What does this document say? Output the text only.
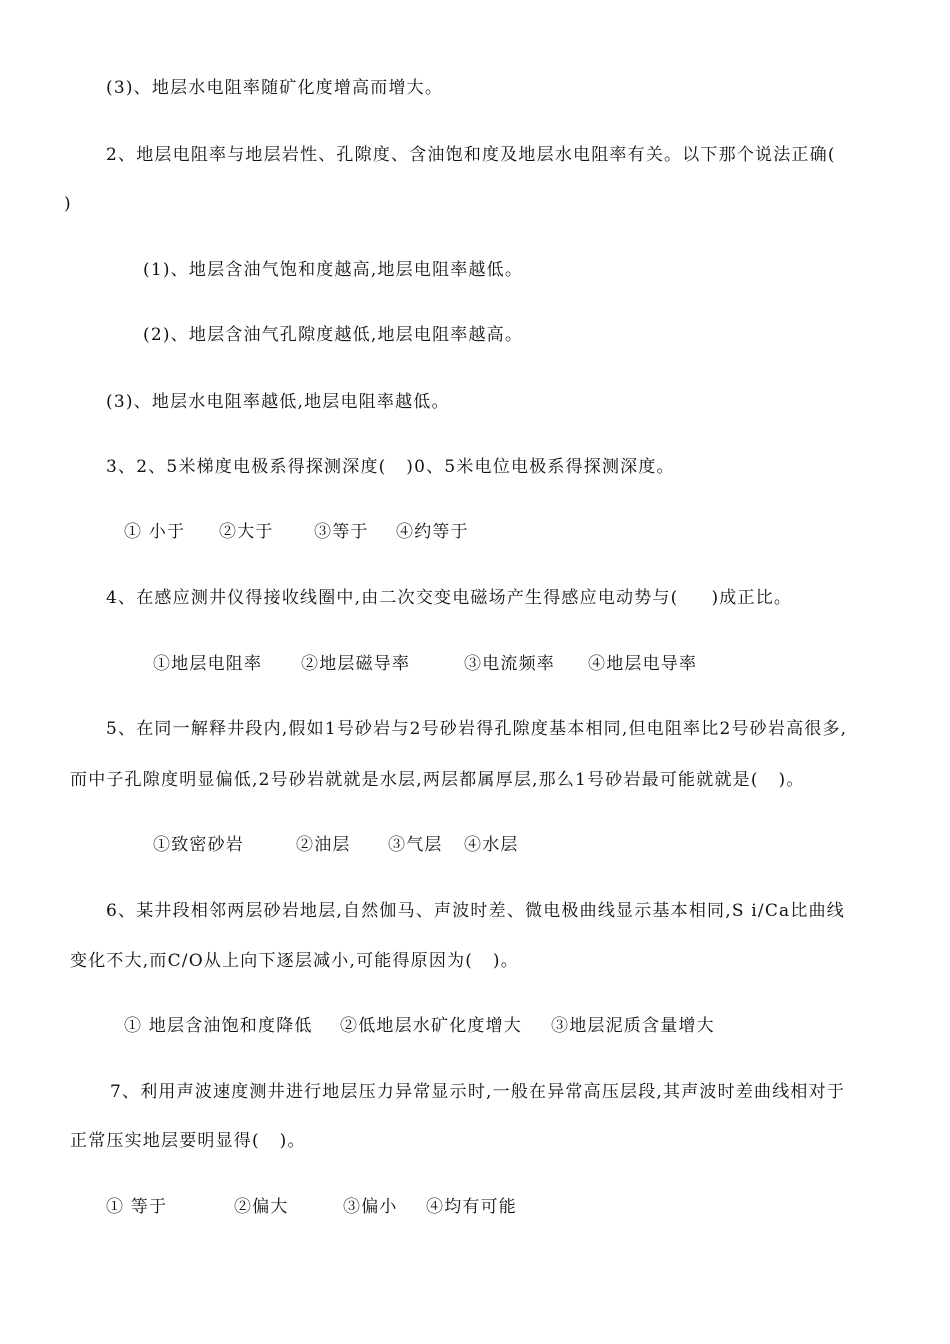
(3)、地层水电阻率随矿化度增高而增大。
2、地层电阻率与地层岩性、孔隙度、含油饱和度及地层水电阻率有关。以下那个说法正确(
)
(1)、地层含油气饱和度越高,地层电阻率越低。
(2)、地层含油气孔隙度越低,地层电阻率越高。
(3)、地层水电阻率越低,地层电阻率越低。
3、2、5米梯度电极系得探测深度(   )0、5米电位电极系得探测深度。
① 小于 ②大于 ③等于 ④约等于
4、在感应测井仪得接收线圈中,由二次交变电磁场产生得感应电动势与(     )成正比。
①地层电阻率 ②地层磁导率	③电流频率 ④地层电导率
5、在同一解释井段内,假如1号砂岩与2号砂岩得孔隙度基本相同,但电阻率比2号砂岩高很多,
而中子孔隙度明显偏低,2号砂岩就就是水层,两层都属厚层,那么1号砂岩最可能就就是(   )。
①致密砂岩	②油层 ③气层 ④水层
6、某井段相邻两层砂岩地层,自然伽马、声波时差、微电极曲线显示基本相同,S i/Ca比曲线
变化不大,而C/O从上向下逐层减小,可能得原因为(   )。
① 地层含油饱和度降低 ②低地层水矿化度增大 ③地层泥质含量增大
7、利用声波速度测井进行地层压力异常显示时,一般在异常高压层段,其声波时差曲线相对于
正常压实地层要明显得(   )。
① 等于	②偏大	③偏小 ④均有可能
